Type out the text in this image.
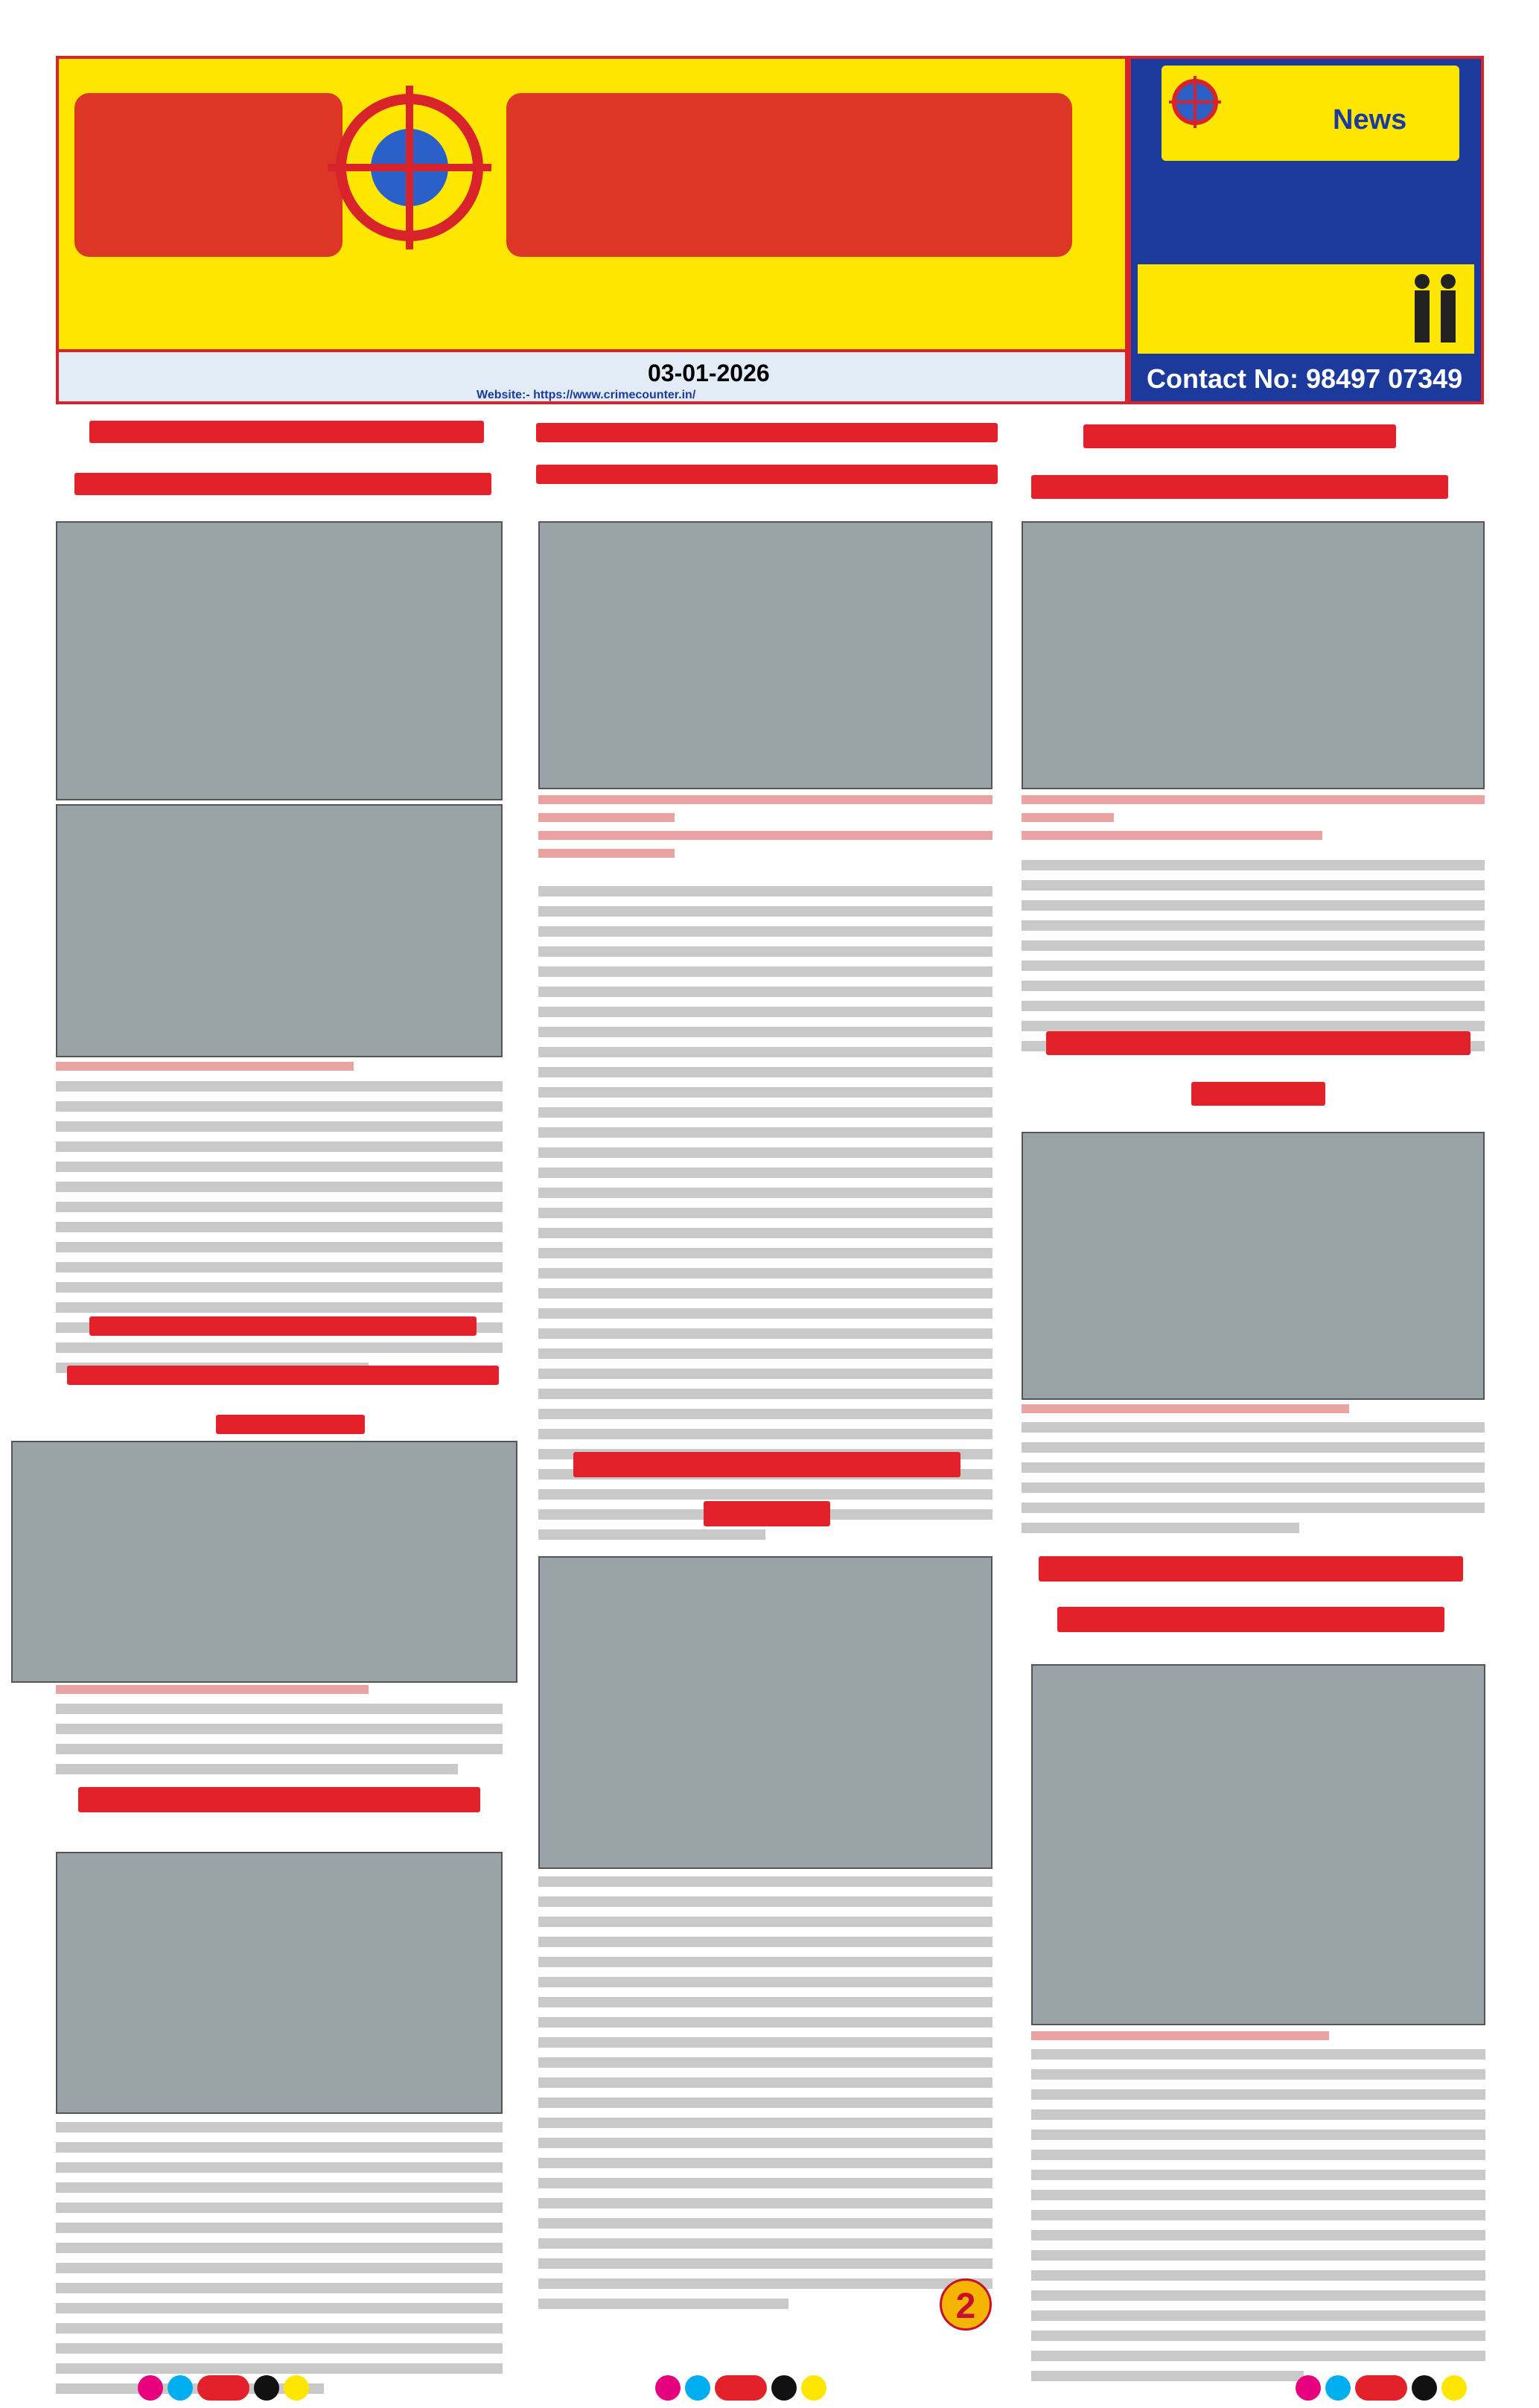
03-01-2026
Website:- https://www.crimecounter.in/
News
Contact No: 98497 07349
2
